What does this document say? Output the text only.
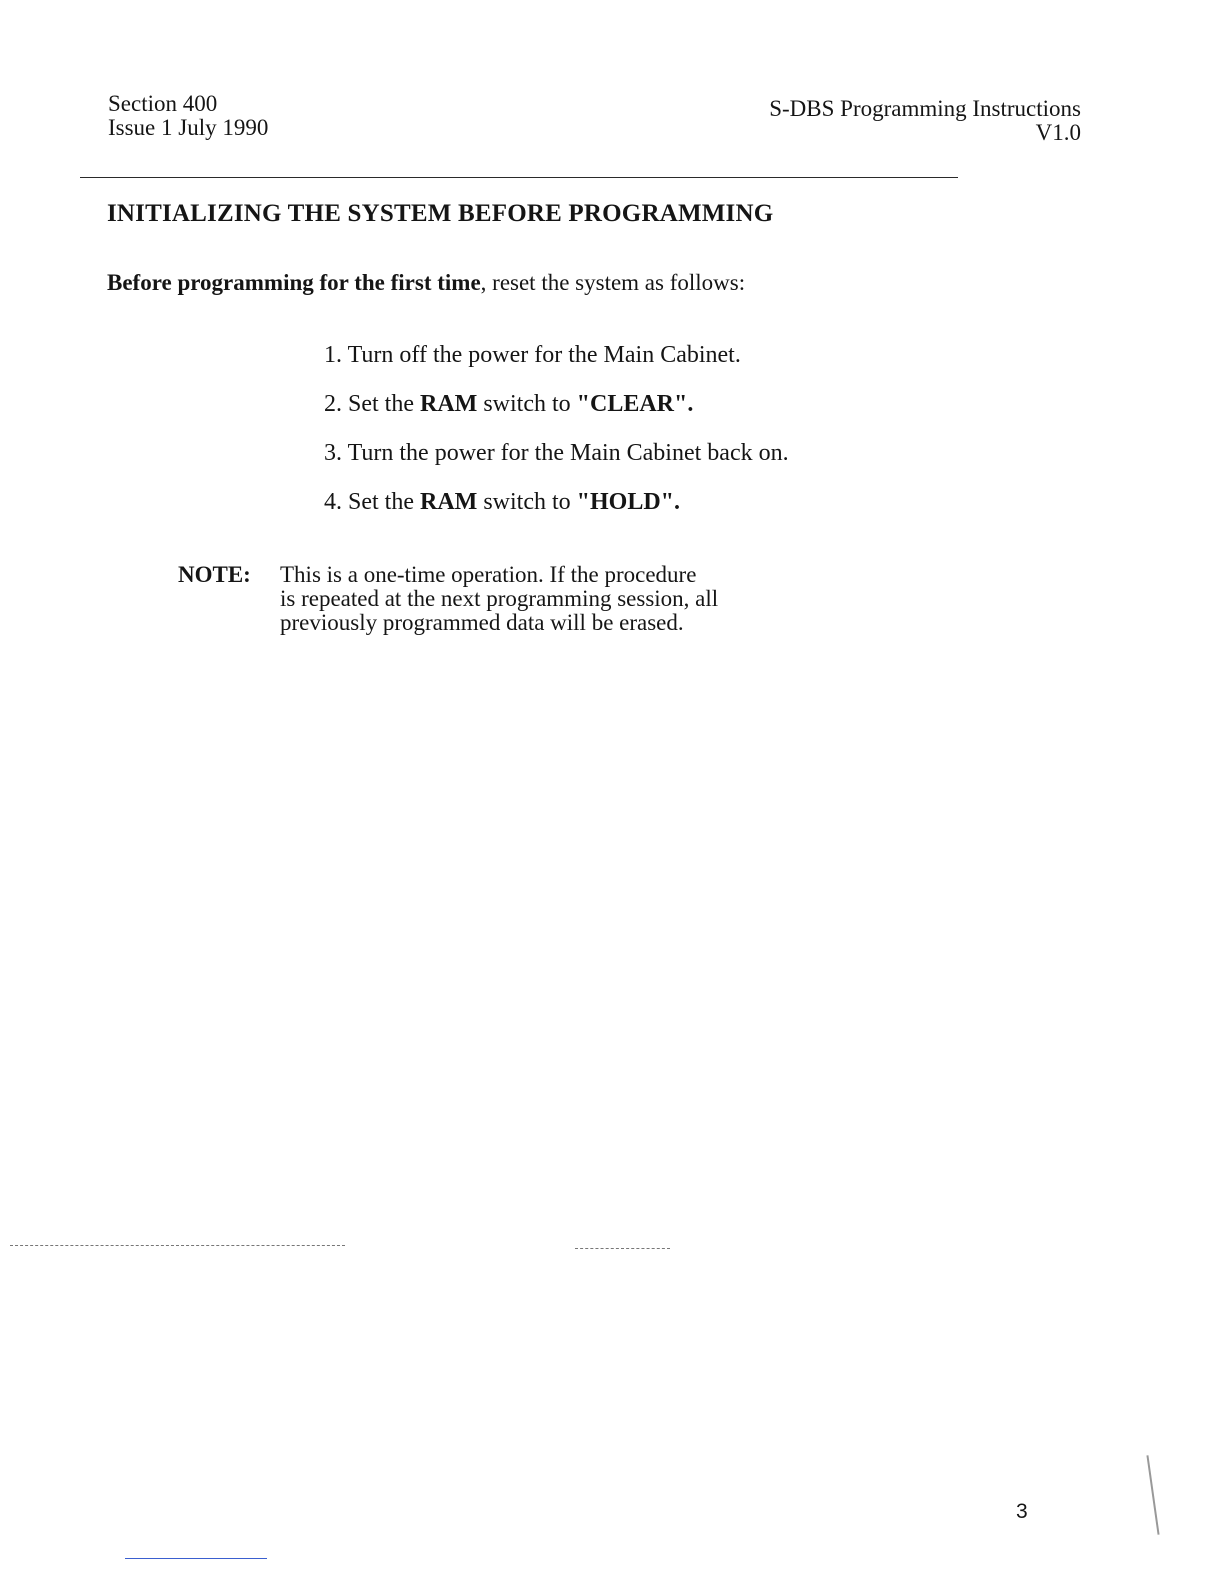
Section 400
Issue 1 July 1990
S-DBS Programming Instructions
V1.0
INITIALIZING THE SYSTEM BEFORE PROGRAMMING
Before programming for the first time, reset the system as follows:
1. Turn off the power for the Main Cabinet.
2. Set the RAM switch to "CLEAR".
3. Turn the power for the Main Cabinet back on.
4. Set the RAM switch to "HOLD".
NOTE: This is a one-time operation. If the procedure
is repeated at the next programming session, all
previously programmed data will be erased.
3
